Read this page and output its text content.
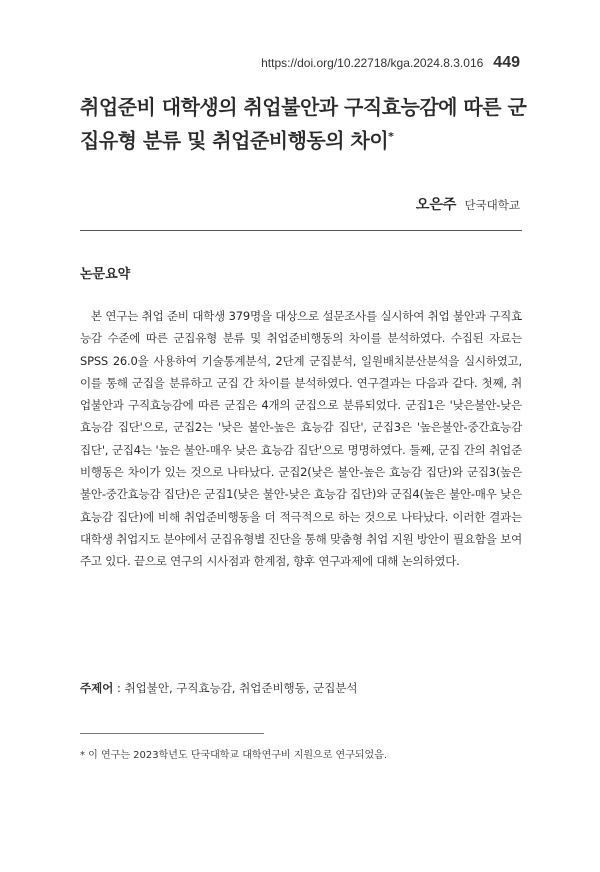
https://doi.org/10.22718/kga.2024.8.3.016 449
취업준비 대학생의 취업불안과 구직효능감에 따른 군집유형 분류 및 취업준비행동의 차이*
오은주 단국대학교
논문요약
본 연구는 취업 준비 대학생 379명을 대상으로 설문조사를 실시하여 취업 불안과 구직효능감 수준에 따른 군집유형 분류 및 취업준비행동의 차이를 분석하였다. 수집된 자료는 SPSS 26.0을 사용하여 기술통계분석, 2단계 군집분석, 일원배치분산분석을 실시하였고, 이를 통해 군집을 분류하고 군집 간 차이를 분석하였다. 연구결과는 다음과 같다. 첫째, 취업불안과 구직효능감에 따른 군집은 4개의 군집으로 분류되었다. 군집1은 '낮은불안-낮은효능감 집단'으로, 군집2는 '낮은 불안-높은 효능감 집단', 군집3은 '높은불안-중간효능감 집단', 군집4는 '높은 불안-매우 낮은 효능감 집단'으로 명명하였다. 둘째, 군집 간의 취업준비행동은 차이가 있는 것으로 나타났다. 군집2(낮은 불안-높은 효능감 집단)와 군집3(높은불안-중간효능감 집단)은 군집1(낮은 불안-낮은 효능감 집단)와 군집4(높은 불안-매우 낮은 효능감 집단)에 비해 취업준비행동을 더 적극적으로 하는 것으로 나타났다. 이러한 결과는 대학생 취업지도 분야에서 군집유형별 진단을 통해 맞춤형 취업 지원 방안이 필요함을 보여주고 있다. 끝으로 연구의 시사점과 한계점, 향후 연구과제에 대해 논의하였다.
주제어 : 취업불안, 구직효능감, 취업준비행동, 군집분석
* 이 연구는 2023학년도 단국대학교 대학연구비 지원으로 연구되었음.
